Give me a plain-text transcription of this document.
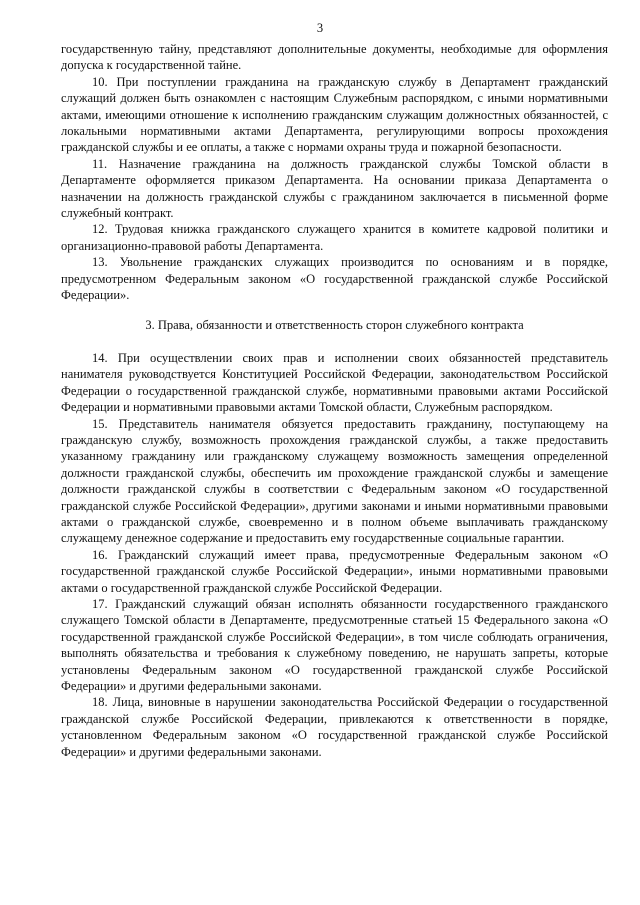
3

государственную тайну, представляют дополнительные документы, необходимые для оформления допуска к государственной тайне.

10. При поступлении гражданина на гражданскую службу в Департамент гражданский служащий должен быть ознакомлен с настоящим Служебным распорядком, с иными нормативными актами, имеющими отношение к исполнению гражданским служащим должностных обязанностей, с локальными нормативными актами Департамента, регулирующими вопросы прохождения гражданской службы и ее оплаты, а также с нормами охраны труда и пожарной безопасности.

11. Назначение гражданина на должность гражданской службы Томской области в Департаменте оформляется приказом Департамента. На основании приказа Департамента о назначении на должность гражданской службы с гражданином заключается в письменной форме служебный контракт.

12. Трудовая книжка гражданского служащего хранится в комитете кадровой политики и организационно-правовой работы Департамента.

13. Увольнение гражданских служащих производится по основаниям и в порядке, предусмотренном Федеральным законом «О государственной гражданской службе Российской Федерации».

3. Права, обязанности и ответственность сторон служебного контракта

14. При осуществлении своих прав и исполнении своих обязанностей представитель нанимателя руководствуется Конституцией Российской Федерации, законодательством Российской Федерации о государственной гражданской службе, нормативными правовыми актами Российской Федерации и нормативными правовыми актами Томской области, Служебным распорядком.

15. Представитель нанимателя обязуется предоставить гражданину, поступающему на гражданскую службу, возможность прохождения гражданской службы, а также предоставить указанному гражданину или гражданскому служащему возможность замещения определенной должности гражданской службы, обеспечить им прохождение гражданской службы и замещение должности гражданской службы в соответствии с Федеральным законом «О государственной гражданской службе Российской Федерации», другими законами и иными нормативными правовыми актами о гражданской службе, своевременно и в полном объеме выплачивать гражданскому служащему денежное содержание и предоставить ему государственные социальные гарантии.

16. Гражданский служащий имеет права, предусмотренные Федеральным законом «О государственной гражданской службе Российской Федерации», иными нормативными правовыми актами о государственной гражданской службе Российской Федерации.

17. Гражданский служащий обязан исполнять обязанности государственного гражданского служащего Томской области в Департаменте, предусмотренные статьей 15 Федерального закона «О государственной гражданской службе Российской Федерации», в том числе соблюдать ограничения, выполнять обязательства и требования к служебному поведению, не нарушать запреты, которые установлены Федеральным законом «О государственной гражданской службе Российской Федерации» и другими федеральными законами.

18. Лица, виновные в нарушении законодательства Российской Федерации о государственной гражданской службе Российской Федерации, привлекаются к ответственности в порядке, установленном Федеральным законом «О государственной гражданской службе Российской Федерации» и другими федеральными законами.
